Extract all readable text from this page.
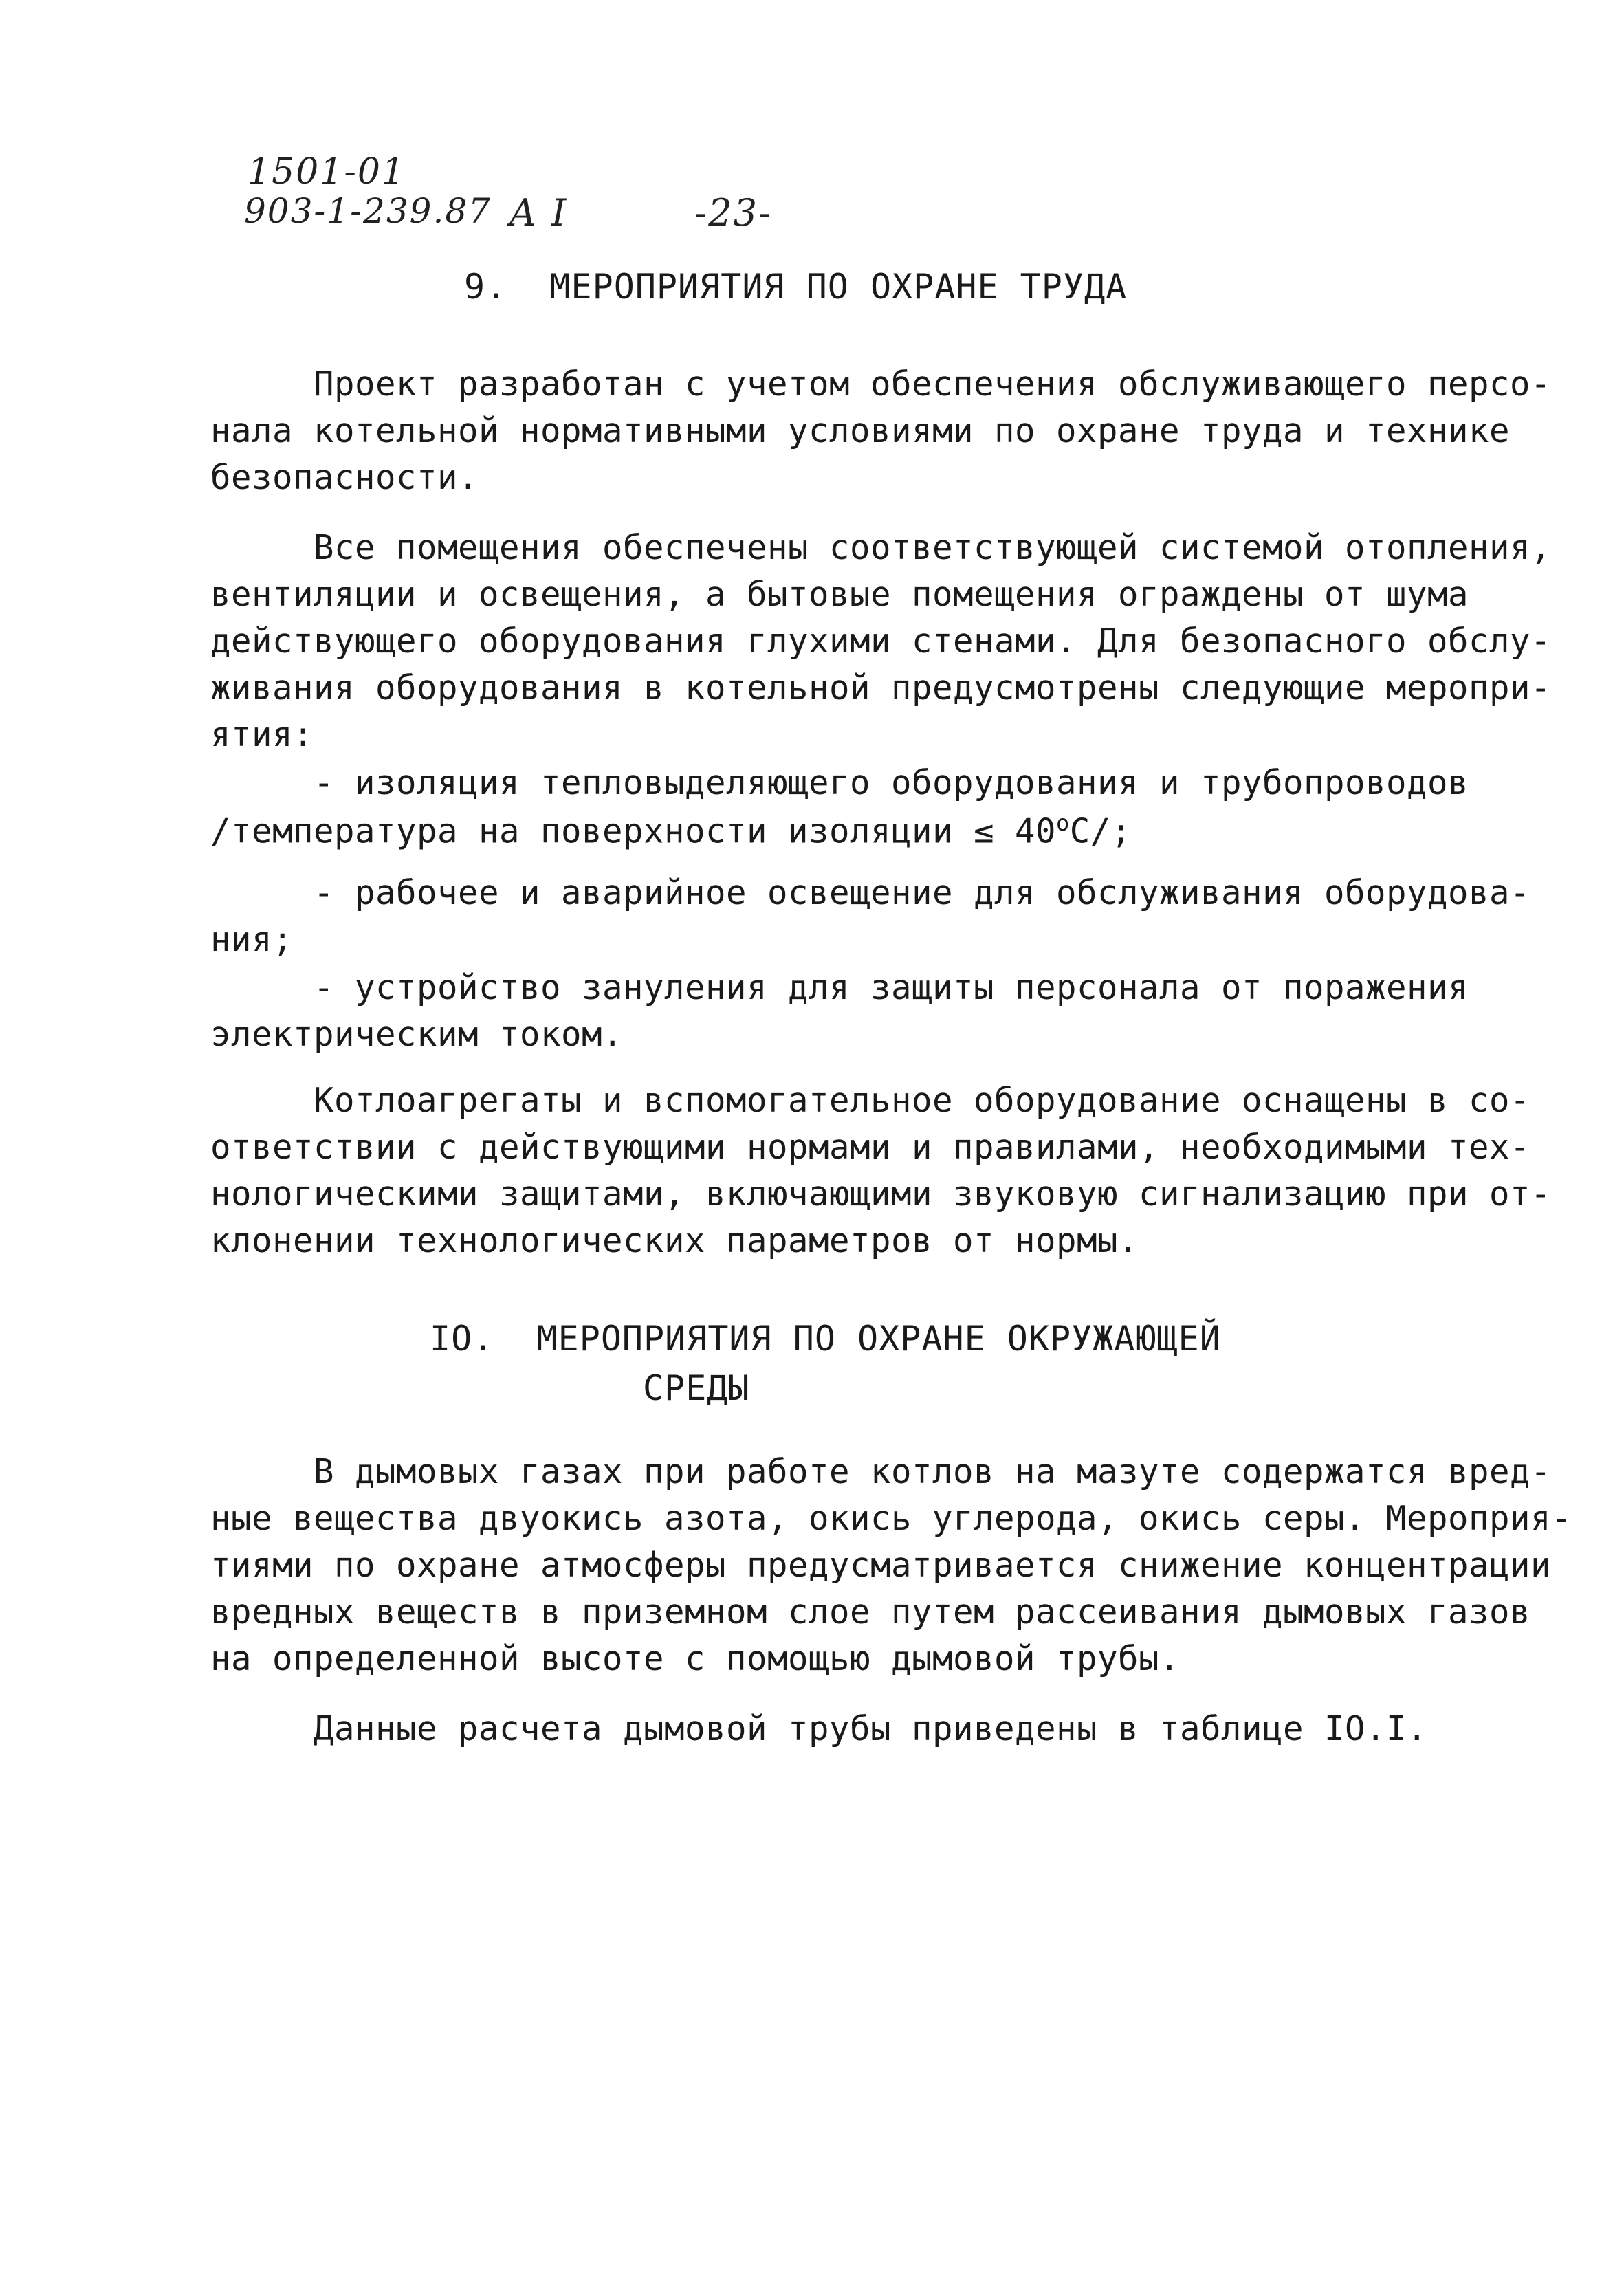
1501-01
903-1-239.87 А I	-23-
9.  МЕРОПРИЯТИЯ ПО ОХРАНЕ ТРУДА
Проект разработан с учетом обеспечения обслуживающего персо-
нала котельной нормативными условиями по охране труда и технике
безопасности.
Все помещения обеспечены соответствующей системой отопления,
вентиляции и освещения, а бытовые помещения ограждены от шума
действующего оборудования глухими стенами. Для безопасного обслу-
живания оборудования в котельной предусмотрены следующие меропри-
ятия:
- изоляция тепловыделяющего оборудования и трубопроводов
/температура на поверхности изоляции ≤ $40^оС/$;
- рабочее и аварийное освещение для обслуживания оборудова-
ния;
- устройство зануления для защиты персонала от поражения
электрическим током.
Котлоагрегаты и вспомогательное оборудование оснащены в со-
ответствии с действующими нормами и правилами, необходимыми тех-
нологическими защитами, включающими звуковую сигнализацию при от-
клонении технологических параметров от нормы.
IO.  МЕРОПРИЯТИЯ ПО ОХРАНЕ ОКРУЖАЮЩЕЙ
СРЕДЫ
В дымовых газах при работе котлов на мазуте содержатся вред-
ные вещества двуокись азота, окись углерода, окись серы. Мероприя-
тиями по охране атмосферы предусматривается снижение концентрации
вредных веществ в приземном слое путем рассеивания дымовых газов
на определенной высоте с помощью дымовой трубы.
Данные расчета дымовой трубы приведены в таблице IO.I.
